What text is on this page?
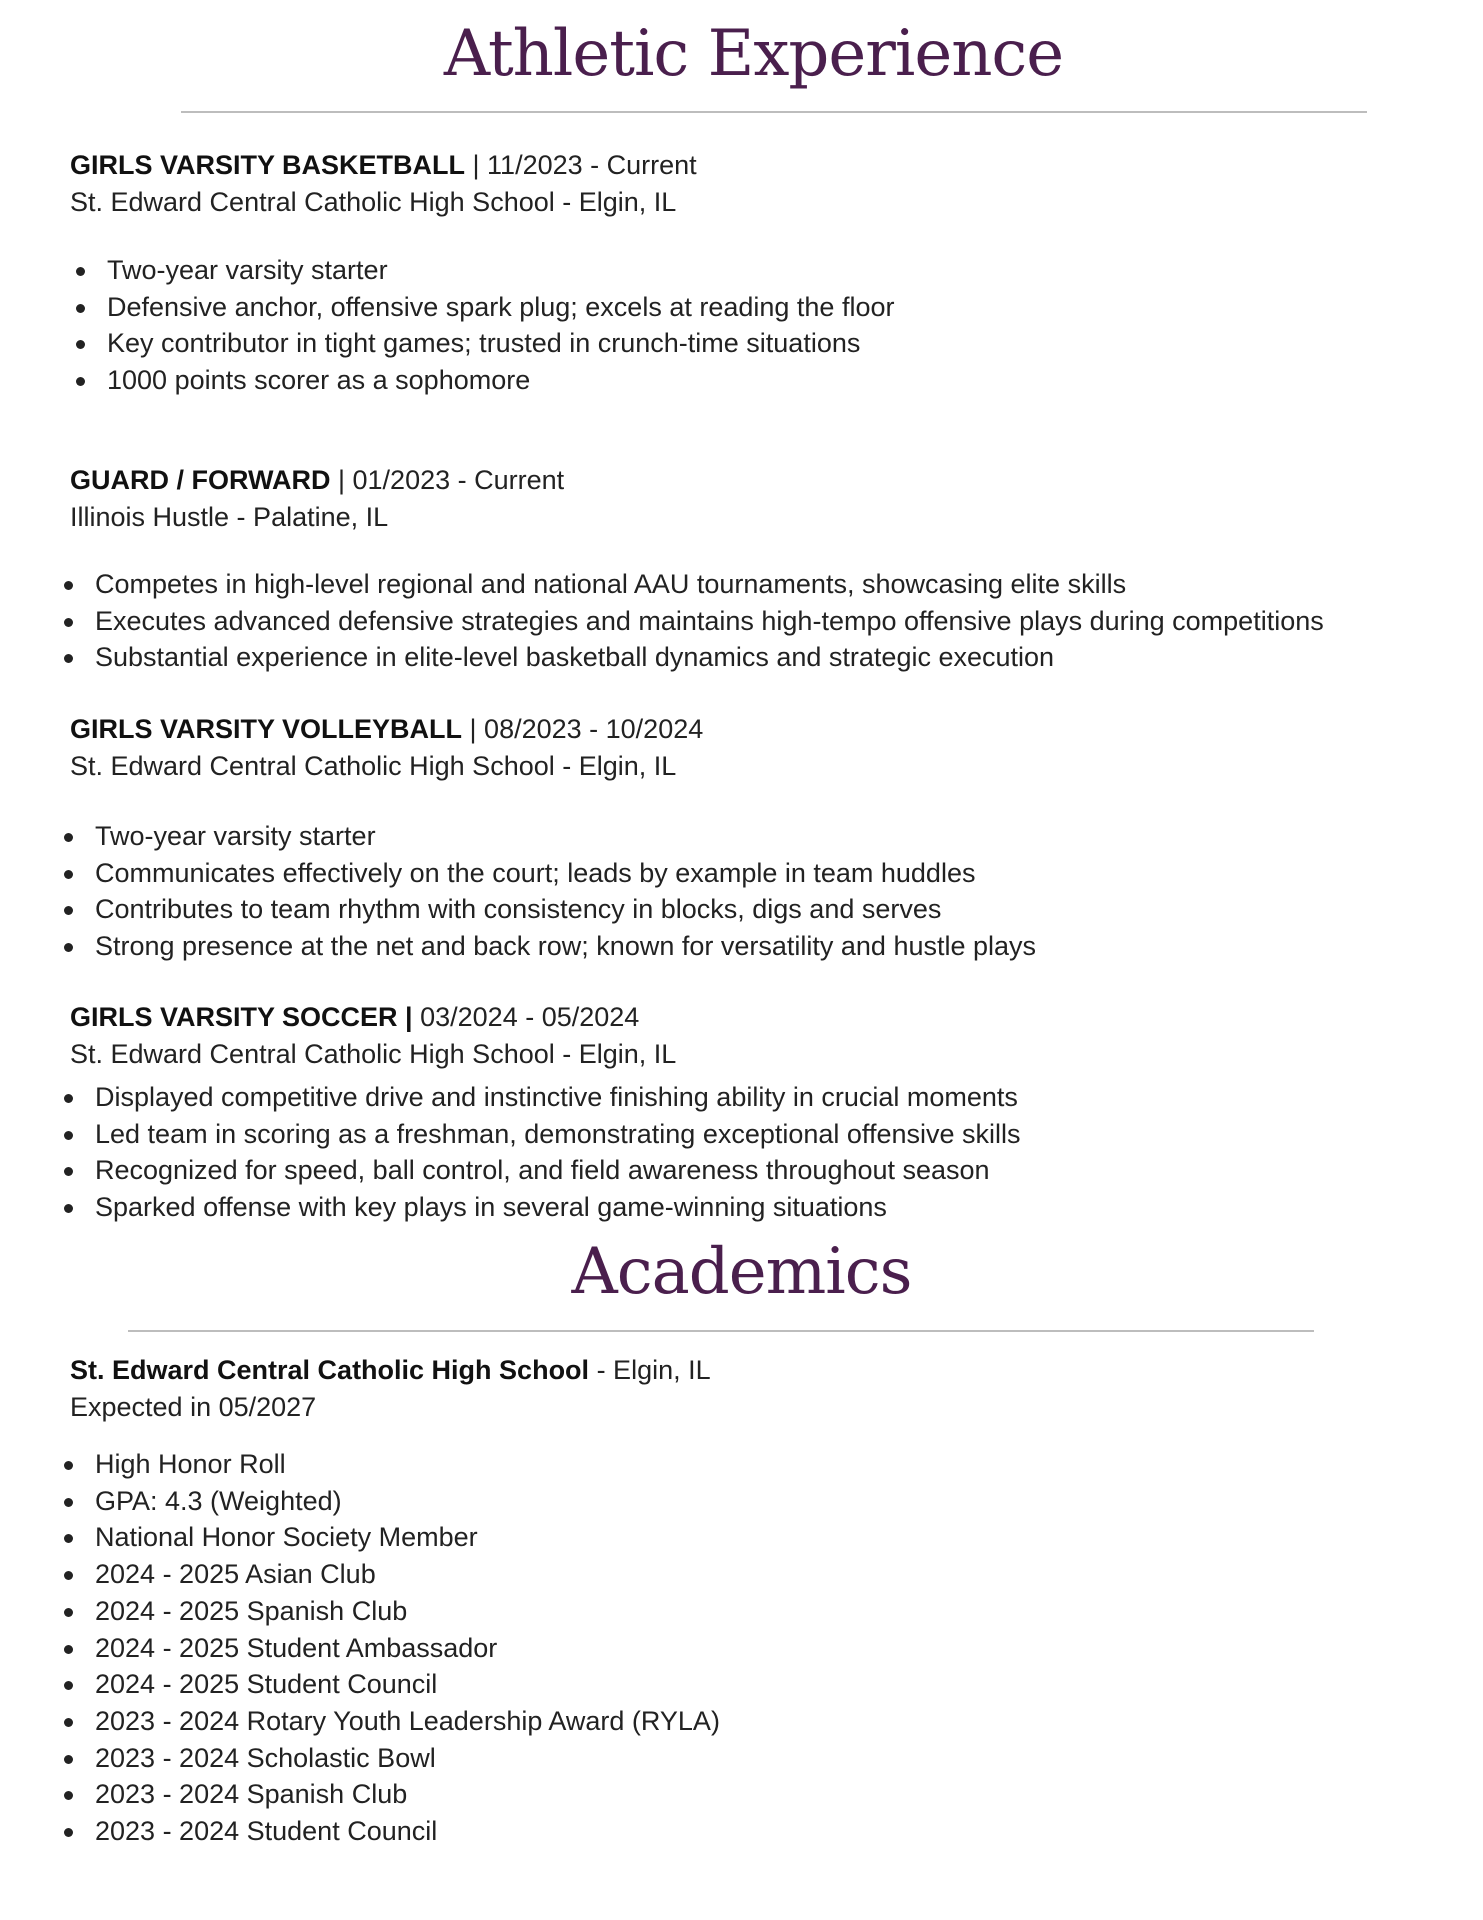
Athletic Experience
GIRLS VARSITY BASKETBALL | 11/2023 - Current
St. Edward Central Catholic High School - Elgin, IL
Two-year varsity starter
Defensive anchor, offensive spark plug; excels at reading the floor
Key contributor in tight games; trusted in crunch-time situations
1000 points scorer as a sophomore
GUARD / FORWARD | 01/2023 - Current
Illinois Hustle - Palatine, IL
Competes in high-level regional and national AAU tournaments, showcasing elite skills
Executes advanced defensive strategies and maintains high-tempo offensive plays during competitions
Substantial experience in elite-level basketball dynamics and strategic execution
GIRLS VARSITY VOLLEYBALL | 08/2023 - 10/2024
St. Edward Central Catholic High School - Elgin, IL
Two-year varsity starter
Communicates effectively on the court; leads by example in team huddles
Contributes to team rhythm with consistency in blocks, digs and serves
Strong presence at the net and back row; known for versatility and hustle plays
GIRLS VARSITY SOCCER | 03/2024 - 05/2024
St. Edward Central Catholic High School - Elgin, IL
Displayed competitive drive and instinctive finishing ability in crucial moments
Led team in scoring as a freshman, demonstrating exceptional offensive skills
Recognized for speed, ball control, and field awareness throughout season
Sparked offense with key plays in several game-winning situations
Academics
St. Edward Central Catholic High School - Elgin, IL
Expected in 05/2027
High Honor Roll
GPA: 4.3 (Weighted)
National Honor Society Member
2024 - 2025 Asian Club
2024 - 2025 Spanish Club
2024 - 2025 Student Ambassador
2024 - 2025 Student Council
2023 - 2024 Rotary Youth Leadership Award (RYLA)
2023 - 2024 Scholastic Bowl
2023 - 2024 Spanish Club
2023 - 2024 Student Council
